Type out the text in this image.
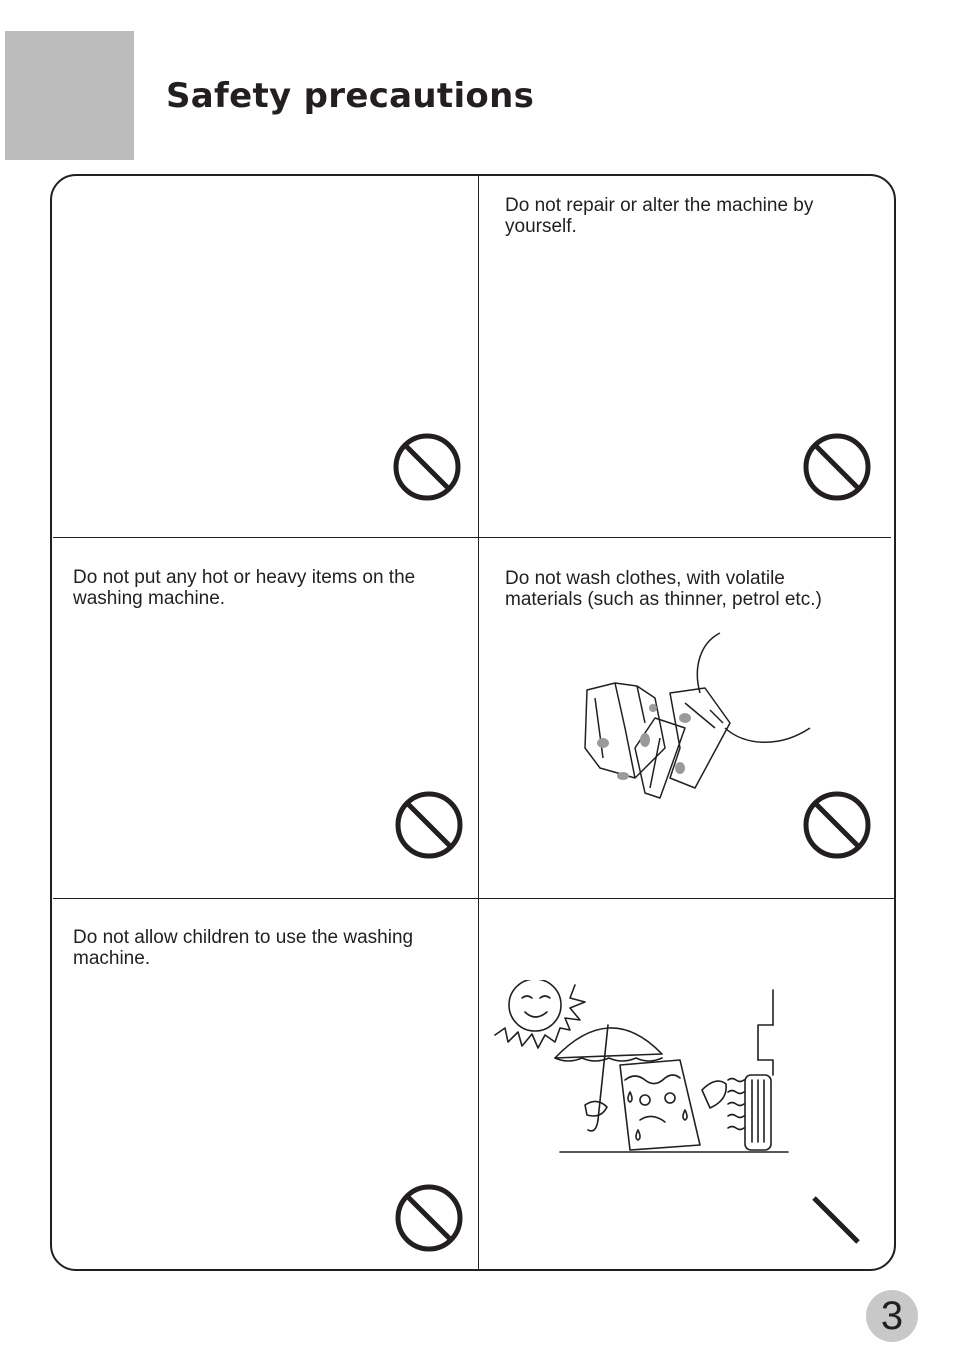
Safety precautions

Do not repair or alter the machine by
yourself.

Do not put any hot or heavy items on the
washing machine.

Do not wash clothes, with volatile
materials (such as thinner, petrol etc.)

Do not allow children to use the washing
machine.

3
